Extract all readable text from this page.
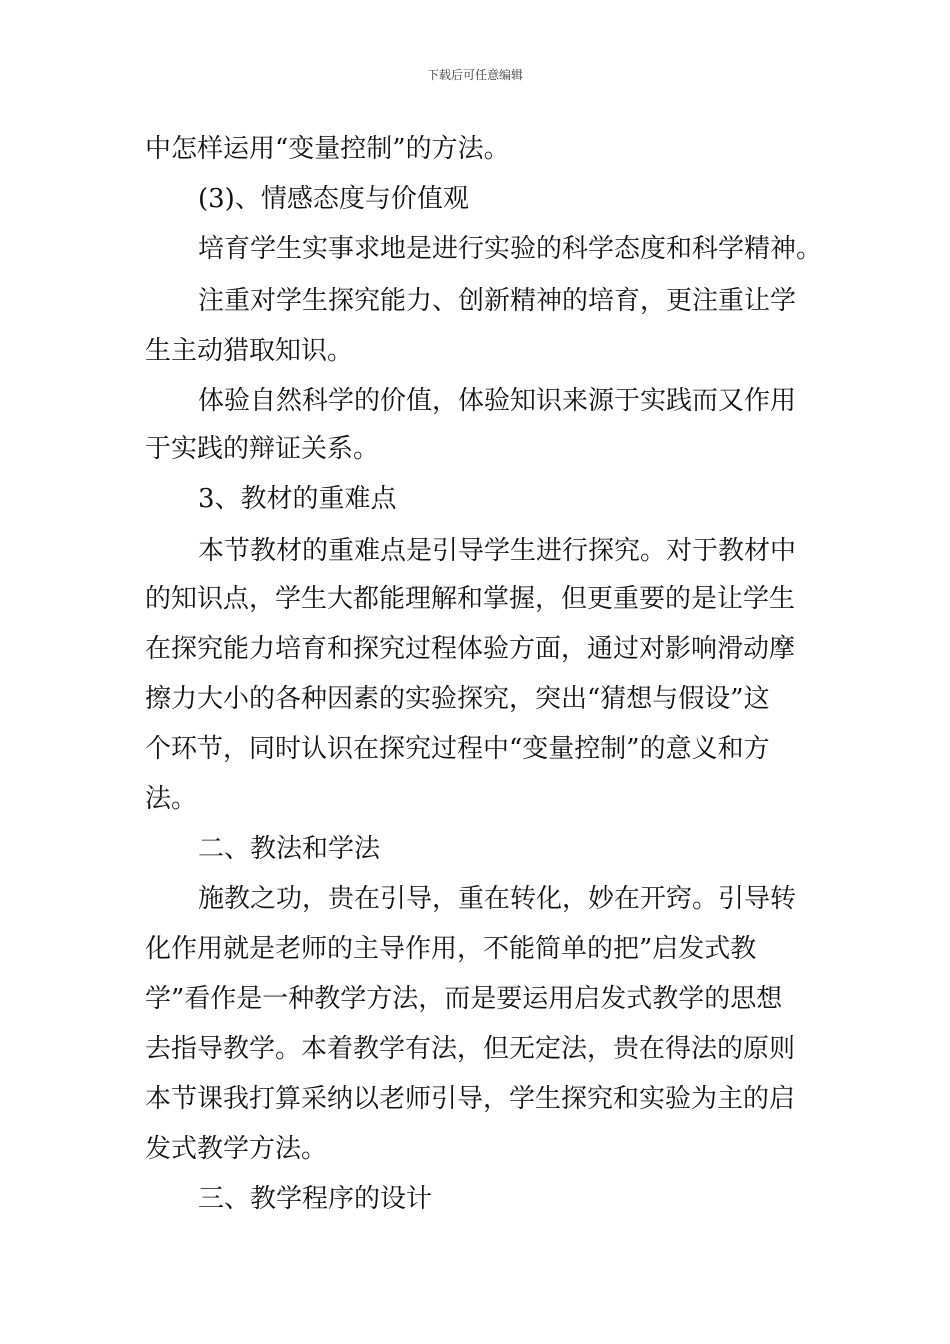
下载后可任意编辑
中怎样运用“变量控制”的方法。
(3)、情感态度与价值观
培育学生实事求地是进行实验的科学态度和科学精神。
注重对学生探究能力、创新精神的培育，更注重让学
生主动猎取知识。
体验自然科学的价值，体验知识来源于实践而又作用
于实践的辩证关系。
3、教材的重难点
本节教材的重难点是引导学生进行探究。对于教材中
的知识点，学生大都能理解和掌握，但更重要的是让学生
在探究能力培育和探究过程体验方面，通过对影响滑动摩
擦力大小的各种因素的实验探究，突出“猜想与假设”这
个环节，同时认识在探究过程中“变量控制”的意义和方
法。
二、教法和学法
施教之功，贵在引导，重在转化，妙在开窍。引导转
化作用就是老师的主导作用，不能简单的把”启发式教
学”看作是一种教学方法，而是要运用启发式教学的思想
去指导教学。本着教学有法，但无定法，贵在得法的原则
本节课我打算采纳以老师引导，学生探究和实验为主的启
发式教学方法。
三、教学程序的设计
